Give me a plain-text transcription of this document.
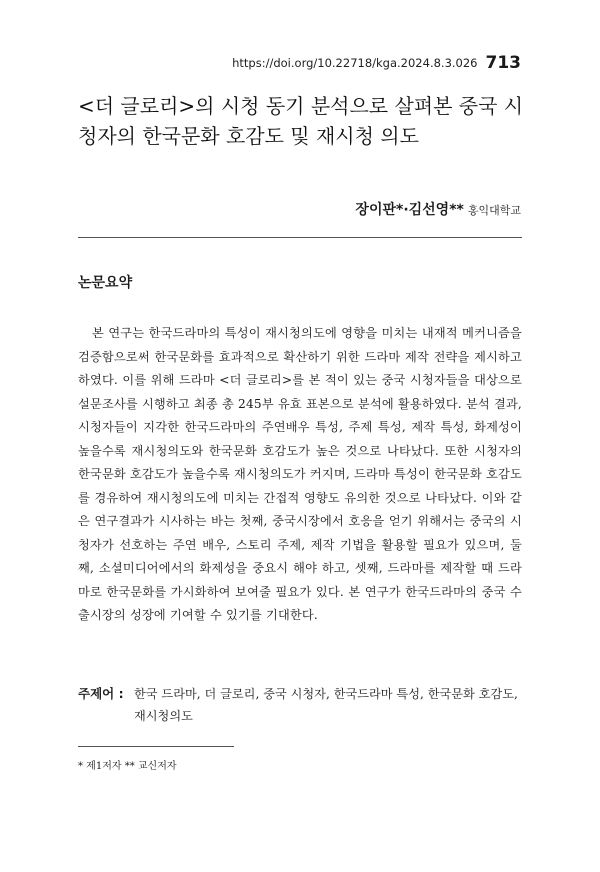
https://doi.org/10.22718/kga.2024.8.3.026 713
<더 글로리>의 시청 동기 분석으로 살펴본 중국 시청자의 한국문화 호감도 및 재시청 의도
장이판*·김선영** 홍익대학교
논문요약

본 연구는 한국드라마의 특성이 재시청의도에 영향을 미치는 내재적 메커니즘을 검증함으로써 한국문화를 효과적으로 확산하기 위한 드라마 제작 전략을 제시하고 하였다. 이를 위해 드라마 <더 글로리>를 본 적이 있는 중국 시청자들을 대상으로 설문조사를 시행하고 최종 총 245부 유효 표본으로 분석에 활용하였다. 분석 결과, 시청자들이 지각한 한국드라마의 주연배우 특성, 주제 특성, 제작 특성, 화제성이 높을수록 재시청의도와 한국문화 호감도가 높은 것으로 나타났다. 또한 시청자의 한국문화 호감도가 높을수록 재시청의도가 커지며, 드라마 특성이 한국문화 호감도를 경유하여 재시청의도에 미치는 간접적 영향도 유의한 것으로 나타났다. 이와 같은 연구결과가 시사하는 바는 첫째, 중국시장에서 호응을 얻기 위해서는 중국의 시청자가 선호하는 주연 배우, 스토리 주제, 제작 기법을 활용할 필요가 있으며, 둘째, 소셜미디어에서의 화제성을 중요시 해야 하고, 셋째, 드라마를 제작할 때 드라마로 한국문화를 가시화하여 보여줄 필요가 있다. 본 연구가 한국드라마의 중국 수출시장의 성장에 기여할 수 있기를 기대한다.

주제어 : 한국 드라마, 더 글로리, 중국 시청자, 한국드라마 특성, 한국문화 호감도, 재시청의도
* 제1저자 ** 교신저자
